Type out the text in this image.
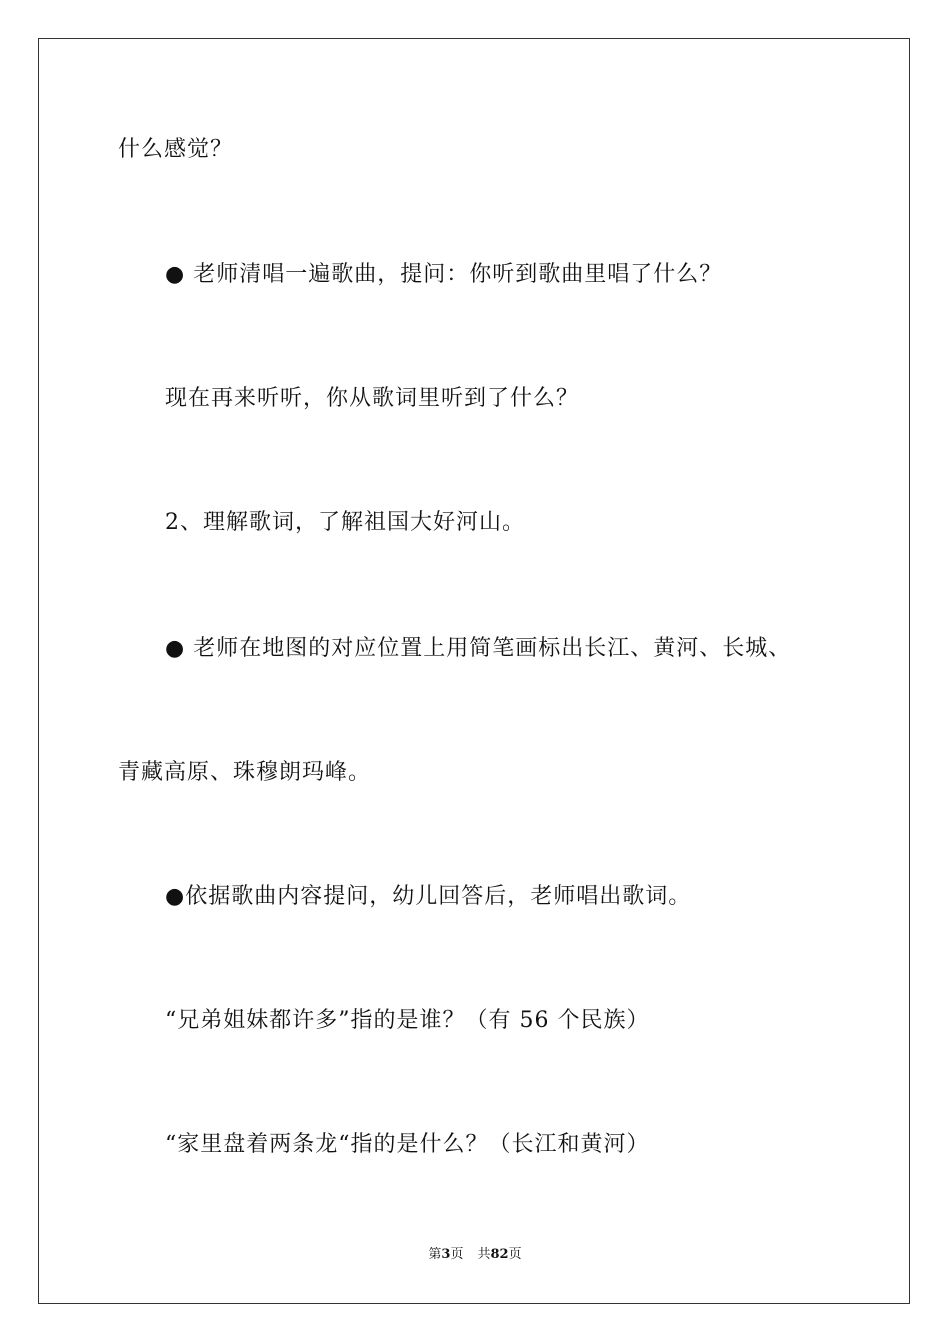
什么感觉？
● 老师清唱一遍歌曲，提问：你听到歌曲里唱了什么？
现在再来听听，你从歌词里听到了什么？
2、理解歌词，了解祖国大好河山。
● 老师在地图的对应位置上用简笔画标出长江、黄河、长城、
青藏高原、珠穆朗玛峰。
●依据歌曲内容提问，幼儿回答后，老师唱出歌词。
“兄弟姐妹都许多”指的是谁？（有 56 个民族）
“家里盘着两条龙“指的是什么？（长江和黄河）
第3页 共82页
